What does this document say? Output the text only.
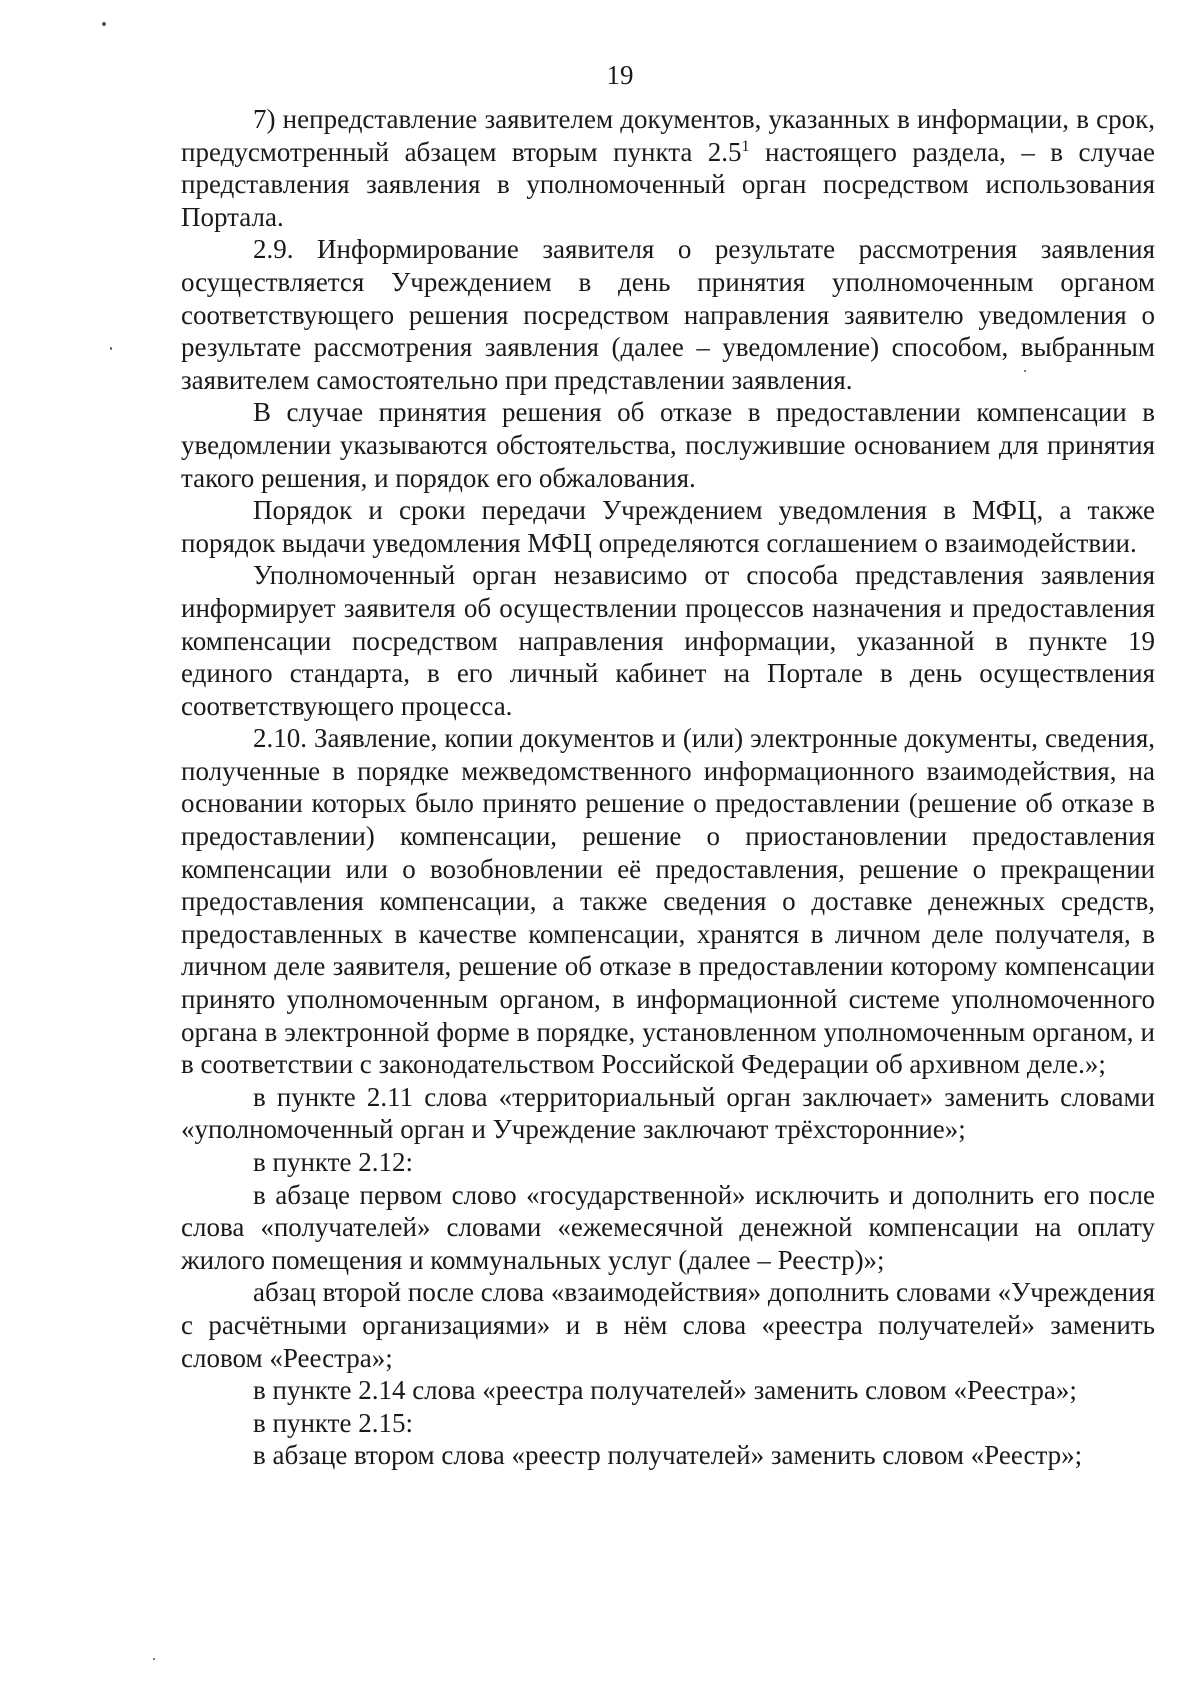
19

7) непредставление заявителем документов, указанных в информации, в срок, предусмотренный абзацем вторым пункта $2.5^1$ настоящего раздела, – в случае представления заявления в уполномоченный орган посредством использования Портала.

2.9. Информирование заявителя о результате рассмотрения заявления осуществляется Учреждением в день принятия уполномоченным органом соответствующего решения посредством направления заявителю уведомления о результате рассмотрения заявления (далее – уведомление) способом, выбранным заявителем самостоятельно при представлении заявления.

В случае принятия решения об отказе в предоставлении компенсации в уведомлении указываются обстоятельства, послужившие основанием для принятия такого решения, и порядок его обжалования.

Порядок и сроки передачи Учреждением уведомления в МФЦ, а также порядок выдачи уведомления МФЦ определяются соглашением о взаимодействии.

Уполномоченный орган независимо от способа представления заявления информирует заявителя об осуществлении процессов назначения и предоставления компенсации посредством направления информации, указанной в пункте 19 единого стандарта, в его личный кабинет на Портале в день осуществления соответствующего процесса.

2.10. Заявление, копии документов и (или) электронные документы, сведения, полученные в порядке межведомственного информационного взаимодействия, на основании которых было принято решение о предоставлении (решение об отказе в предоставлении) компенсации, решение о приостановлении предоставления компенсации или о возобновлении её предоставления, решение о прекращении предоставления компенсации, а также сведения о доставке денежных средств, предоставленных в качестве компенсации, хранятся в личном деле получателя, в личном деле заявителя, решение об отказе в предоставлении которому компенсации принято уполномоченным органом, в информационной системе уполномоченного органа в электронной форме в порядке, установленном уполномоченным органом, и в соответствии с законодательством Российской Федерации об архивном деле.»;

в пункте 2.11 слова «территориальный орган заключает» заменить словами «уполномоченный орган и Учреждение заключают трёхсторонние»;

в пункте 2.12:

в абзаце первом слово «государственной» исключить и дополнить его после слова «получателей» словами «ежемесячной денежной компенсации на оплату жилого помещения и коммунальных услуг (далее – Реестр)»;

абзац второй после слова «взаимодействия» дополнить словами «Учреждения с расчётными организациями» и в нём слова «реестра получателей» заменить словом «Реестра»;

в пункте 2.14 слова «реестра получателей» заменить словом «Реестра»;

в пункте 2.15:

в абзаце втором слова «реестр получателей» заменить словом «Реестр»;
